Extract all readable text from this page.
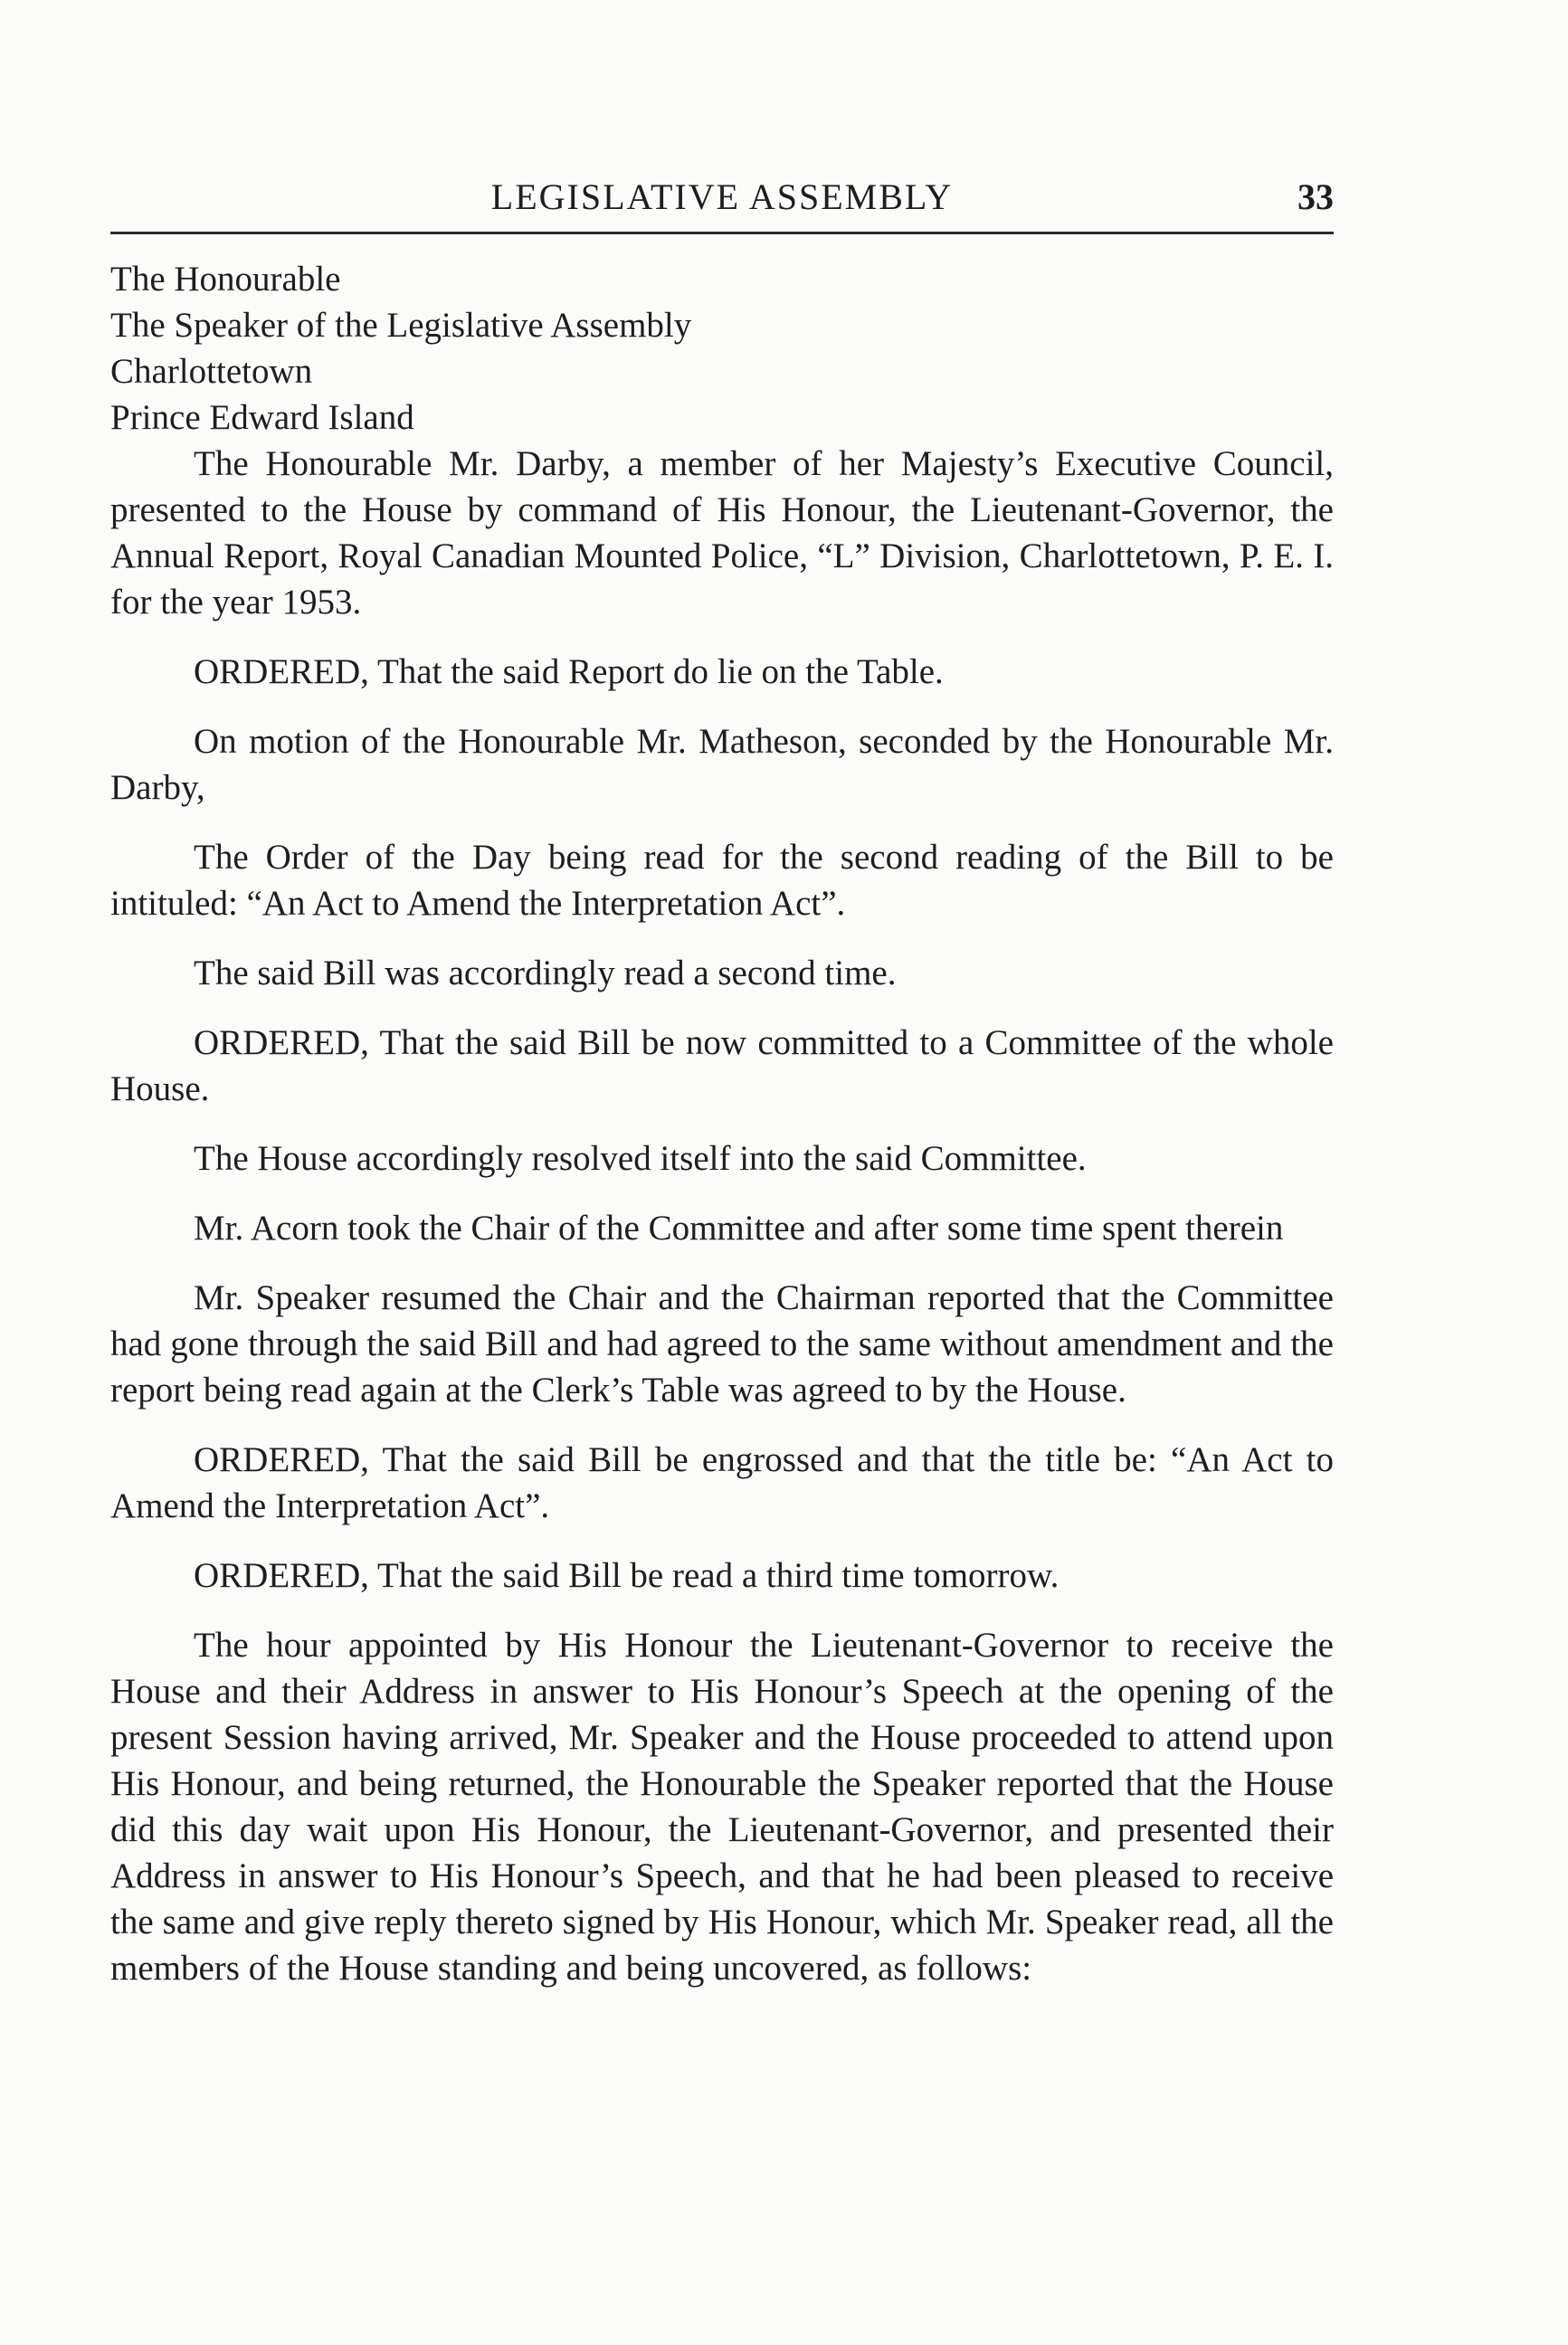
LEGISLATIVE ASSEMBLY	33

The Honourable

The Speaker of the Legislative Assembly

Charlottetown

Prince Edward Island

The Honourable Mr. Darby, a member of her Majesty’s Executive Council, presented to the House by command of His Honour, the Lieutenant-Governor, the Annual Report, Royal Canadian Mounted Police, “L” Division, Charlottetown, P. E. I. for the year 1953.

ORDERED, That the said Report do lie on the Table.

On motion of the Honourable Mr. Matheson, seconded by the Honourable Mr. Darby,

The Order of the Day being read for the second reading of the Bill to be intituled: “An Act to Amend the Interpretation Act”.

The said Bill was accordingly read a second time.

ORDERED, That the said Bill be now committed to a Committee of the whole House.

The House accordingly resolved itself into the said Committee.

Mr. Acorn took the Chair of the Committee and after some time spent therein

Mr. Speaker resumed the Chair and the Chairman reported that the Committee had gone through the said Bill and had agreed to the same without amendment and the report being read again at the Clerk’s Table was agreed to by the House.

ORDERED, That the said Bill be engrossed and that the title be: “An Act to Amend the Interpretation Act”.

ORDERED, That the said Bill be read a third time tomorrow.

The hour appointed by His Honour the Lieutenant-Governor to receive the House and their Address in answer to His Honour’s Speech at the opening of the present Session having arrived, Mr. Speaker and the House proceeded to attend upon His Honour, and being returned, the Honourable the Speaker reported that the House did this day wait upon His Honour, the Lieutenant-Governor, and presented their Address in answer to His Honour’s Speech, and that he had been pleased to receive the same and give reply thereto signed by His Honour, which Mr. Speaker read, all the members of the House standing and being uncovered, as follows:
